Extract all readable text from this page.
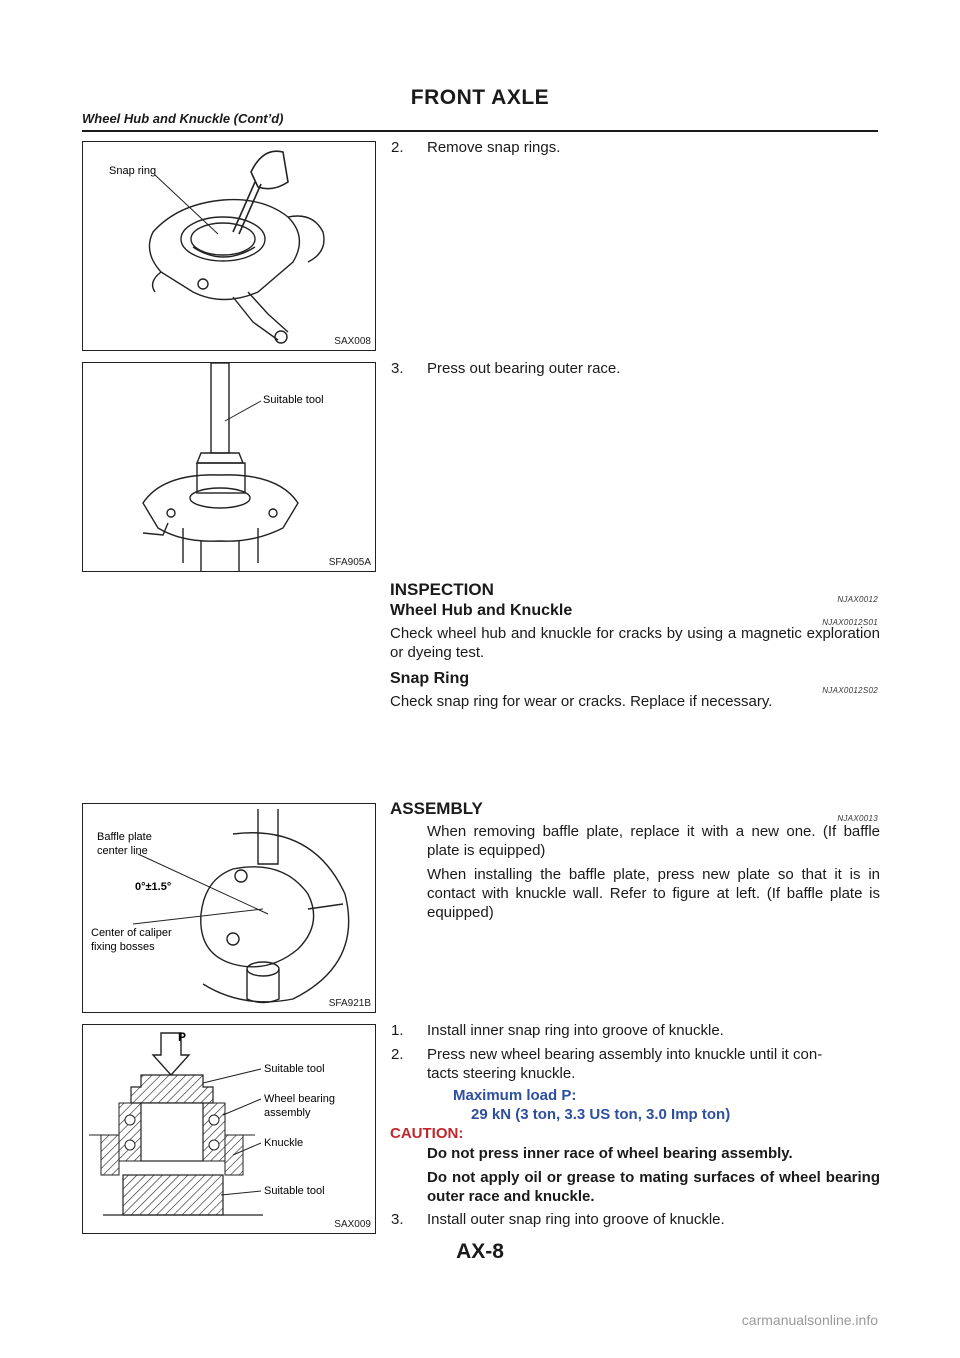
FRONT AXLE
Wheel Hub and Knuckle (Cont’d)
Snap ring
SAX008
2. Remove snap rings.
Suitable tool
SFA905A
3. Press out bearing outer race.
INSPECTION
NJAX0012
Wheel Hub and Knuckle
NJAX0012S01
Check wheel hub and knuckle for cracks by using a magnetic exploration or dyeing test.
Snap Ring
NJAX0012S02
Check snap ring for wear or cracks. Replace if necessary.
Baffle plate
center line
0°±1.5°
Center of caliper
fixing bosses
SFA921B
ASSEMBLY
NJAX0013
When removing baffle plate, replace it with a new one. (If baffle plate is equipped)
When installing the baffle plate, press new plate so that it is in contact with knuckle wall. Refer to figure at left. (If baffle plate is equipped)
P
Suitable tool
Wheel bearing
assembly
Knuckle
Suitable tool
SAX009
1. Install inner snap ring into groove of knuckle.
2. Press new wheel bearing assembly into knuckle until it con-
tacts steering knuckle.
Maximum load P:
29 kN (3 ton, 3.3 US ton, 3.0 Imp ton)
CAUTION:
Do not press inner race of wheel bearing assembly.
Do not apply oil or grease to mating surfaces of wheel bearing outer race and knuckle.
3. Install outer snap ring into groove of knuckle.
AX-8
carmanualsonline.info
